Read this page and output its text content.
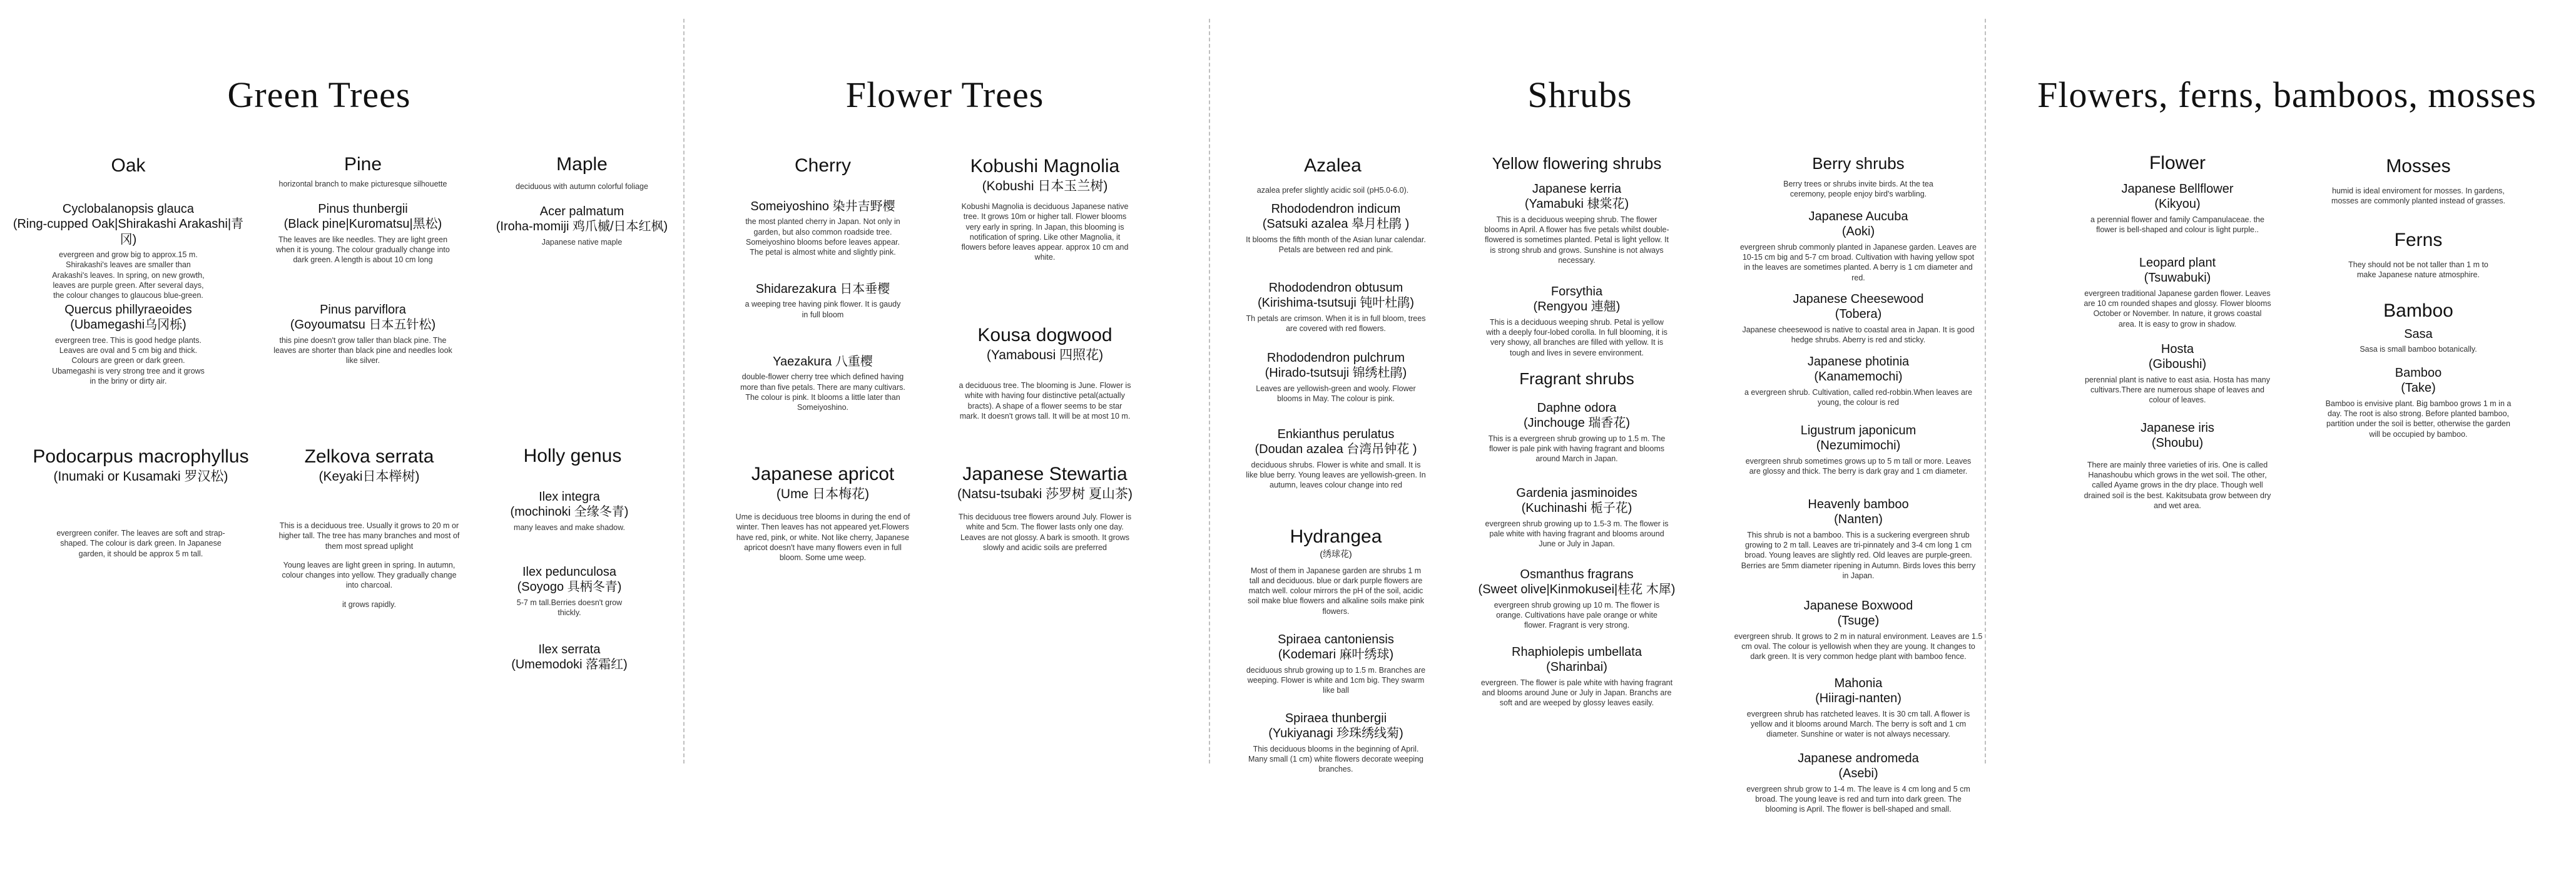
Green Trees
Oak
Cyclobalanopsis glauca
(Ring-cupped Oak|Shirakashi Arakashi|青冈)
evergreen and grow big to approx.15 m. Shirakashi's leaves are smaller than Arakashi's leaves. In spring, on new growth, leaves are purple green. After several days, the colour changes to glaucous blue-green.
Quercus phillyraeoides
(Ubamegashi乌冈栎)
evergreen tree. This is good hedge plants. Leaves are oval and 5 cm big and thick. Colours are green or dark green. Ubamegashi is very strong tree and it grows in the briny or dirty air.
Pine
horizontal branch to make picturesque silhouette
Pinus thunbergii
(Black pine|Kuromatsu|黑松)
The leaves are like needles. They are light green when it is young. The colour gradually change into dark green. A length is about 10 cm long
Pinus parviflora
(Goyoumatsu 日本五针松)
this pine doesn't grow taller than black pine. The leaves are shorter than black pine and needles look like silver.
Maple
deciduous with autumn colorful foliage
Acer palmatum
(Iroha-momiji 鸡爪槭/日本红枫)
Japanese native maple
Podocarpus macrophyllus
(Inumaki or Kusamaki 罗汉松)
evergreen conifer. The leaves are soft and strap-shaped. The colour is dark green. In Japanese garden, it should be approx 5 m tall.
Zelkova serrata
(Keyaki日本榉树)
This is a deciduous tree. Usually it grows to 20 m or higher tall. The tree has many branches and most of them most spread uplight
Young leaves are light green in spring. In autumn, colour changes into yellow. They gradually change into charcoal.
it grows rapidly.
Holly genus
Ilex integra
(mochinoki 全缘冬青)
many leaves and make shadow.
Ilex pedunculosa
(Soyogo 具柄冬青)
5-7 m tall.Berries doesn't grow thickly.
Ilex serrata
(Umemodoki 落霜红)
Flower Trees
Cherry
Someiyoshino 染井吉野樱
the most planted cherry in Japan. Not only in garden, but also common roadside tree. Someiyoshino blooms before leaves appear. The petal is almost white and slightly pink.
Shidarezakura 日本垂樱
a weeping tree having pink flower. It is gaudy in full bloom
Yaezakura 八重樱
double-flower cherry tree which defined having more than five petals. There are many cultivars. The colour is pink. It blooms a little later than Someiyoshino.
Kobushi Magnolia
(Kobushi 日本玉兰树)
Kobushi Magnolia is deciduous Japanese native tree. It grows 10m or higher tall. Flower blooms very early in spring. In Japan, this blooming is notification of spring. Like other Magnolia, it flowers before leaves appear. approx 10 cm and white.
Kousa dogwood
(Yamabousi 四照花)
a deciduous tree. The blooming is June. Flower is white with having four distinctive petal(actually bracts). A shape of a flower seems to be star mark. It doesn't grows tall. It will be at most 10 m.
Japanese apricot
(Ume 日本梅花)
Ume is deciduous tree blooms in during the end of winter. Then leaves has not appeared yet.Flowers have red, pink, or white. Not like cherry, Japanese apricot doesn't have many flowers even in full bloom. Some ume weep.
Japanese Stewartia
(Natsu-tsubaki 莎罗树 夏山茶)
This deciduous tree flowers around July. Flower is white and 5cm. The flower lasts only one day. Leaves are not glossy. A bark is smooth. It grows slowly and acidic soils are preferred
Shrubs
Azalea
azalea prefer slightly acidic soil (pH5.0-6.0).
Rhododendron indicum
(Satsuki azalea 皋月杜鹃 )
It blooms the fifth month of the Asian lunar calendar. Petals are between red and pink.
Rhododendron obtusum
(Kirishima-tsutsuji 钝叶杜鹃)
Th petals are crimson. When it is in full bloom, trees are covered with red flowers.
Rhododendron pulchrum
(Hirado-tsutsuji 锦绣杜鹃)
Leaves are yellowish-green and wooly. Flower blooms in May. The colour is pink.
Enkianthus perulatus
(Doudan azalea 台湾吊钟花 )
deciduous shrubs. Flower is white and small. It is like blue berry. Young leaves are yellowish-green. In autumn, leaves colour change into red
Hydrangea
(绣球花)
Most of them in Japanese garden are shrubs 1 m tall and deciduous. blue or dark purple flowers are match well. colour mirrors the pH of the soil, acidic soil make blue flowers and alkaline soils make pink flowers.
Spiraea cantoniensis
(Kodemari 麻叶绣球)
deciduous shrub growing up to 1.5 m. Branches are weeping. Flower is white and 1cm big. They swarm like ball
Spiraea thunbergii
(Yukiyanagi 珍珠绣线菊)
This deciduous blooms in the beginning of April. Many small (1 cm) white flowers decorate weeping branches.
Yellow flowering shrubs
Japanese kerria
(Yamabuki 棣棠花)
This is a deciduous weeping shrub. The flower blooms in April. A flower has five petals whilst double-flowered is sometimes planted. Petal is light yellow. It is strong shrub and grows. Sunshine is not always necessary.
Forsythia
(Rengyou 連翹)
This is a deciduous weeping shrub. Petal is yellow with a deeply four-lobed corolla. In full blooming, it is very showy, all branches are filled with yellow. It is tough and lives in severe environment.
Fragrant shrubs
Daphne odora
(Jinchouge 瑞香花)
This is a evergreen shrub growing up to 1.5 m. The flower is pale pink with having fragrant and blooms around March in Japan.
Gardenia jasminoides
(Kuchinashi 栀子花)
evergreen shrub growing up to 1.5-3 m. The flower is pale white with having fragrant and blooms around June or July in Japan.
Osmanthus fragrans
(Sweet olive|Kinmokusei|桂花 木犀)
evergreen shrub growing up 10 m. The flower is orange. Cultivations have pale orange or white flower. Fragrant is very strong.
Rhaphiolepis umbellata
(Sharinbai)
evergreen. The flower is pale white with having fragrant and blooms around June or July in Japan. Branchs are soft and are weeped by glossy leaves easily.
Berry shrubs
Berry trees or shrubs invite birds. At the tea ceremony, people enjoy bird's warbling.
Japanese Aucuba
(Aoki)
evergreen shrub commonly planted in Japanese garden. Leaves are 10-15 cm big and 5-7 cm broad. Cultivation with having yellow spot in the leaves are sometimes planted. A berry is 1 cm diameter and red.
Japanese Cheesewood
(Tobera)
Japanese cheesewood is native to coastal area in Japan. It is good hedge shrubs. Aberry is red and sticky.
Japanese photinia
(Kanamemochi)
a evergreen shrub. Cultivation, called red-robbin.When leaves are young, the colour is red
Ligustrum japonicum
(Nezumimochi)
evergreen shrub sometimes grows up to 5 m tall or more. Leaves are glossy and thick. The berry is dark gray and 1 cm diameter.
Heavenly bamboo
(Nanten)
This shrub is not a bamboo. This is a suckering evergreen shrub growing to 2 m tall. Leaves are tri-pinnately and 3-4 cm long 1 cm broad. Young leaves are slightly red. Old leaves are purple-green. Berries are 5mm diameter ripening in Autumn. Birds loves this berry in Japan.
Japanese Boxwood
(Tsuge)
evergreen shrub. It grows to 2 m in natural environment. Leaves are 1.5 cm oval. The colour is yellowish when they are young. It changes to dark green. It is very common hedge plant with bamboo fence.
Mahonia
(Hiiragi-nanten)
evergreen shrub has ratcheted leaves. It is 30 cm tall. A flower is yellow and it blooms around March. The berry is soft and 1 cm diameter. Sunshine or water is not always necessary.
Japanese andromeda
(Asebi)
evergreen shrub grow to 1-4 m. The leave is 4 cm long and 5 cm broad. The young leave is red and turn into dark green. The blooming is April. The flower is bell-shaped and small.
Flowers, ferns, bamboos, mosses
Flower
Japanese Bellflower
(Kikyou)
a perennial flower and family Campanulaceae. the flower is bell-shaped and colour is light purple..
Leopard plant
(Tsuwabuki)
evergreen traditional Japanese garden flower. Leaves are 10 cm rounded shapes and glossy. Flower blooms October or November. In nature, it grows coastal area. It is easy to grow in shadow.
Hosta
(Giboushi)
perennial plant is native to east asia. Hosta has many cultivars.There are numerous shape of leaves and colour of leaves.
Japanese iris
(Shoubu)
There are mainly three varieties of iris. One is called Hanashoubu which grows in the wet soil. The other, called Ayame grows in the dry place. Though well drained soil is the best. Kakitsubata grow between dry and wet area.
Mosses
humid is ideal enviroment for mosses. In gardens, mosses are commonly planted instead of grasses.
Ferns
They should not be not taller than 1 m to make Japanese nature atmosphire.
Bamboo
Sasa
Sasa is small bamboo botanically.
Bamboo
(Take)
Bamboo is envisive plant. Big bamboo grows 1 m in a day. The root is also strong. Before planted bamboo, partition under the soil is better, otherwise the garden will be occupied by bamboo.
